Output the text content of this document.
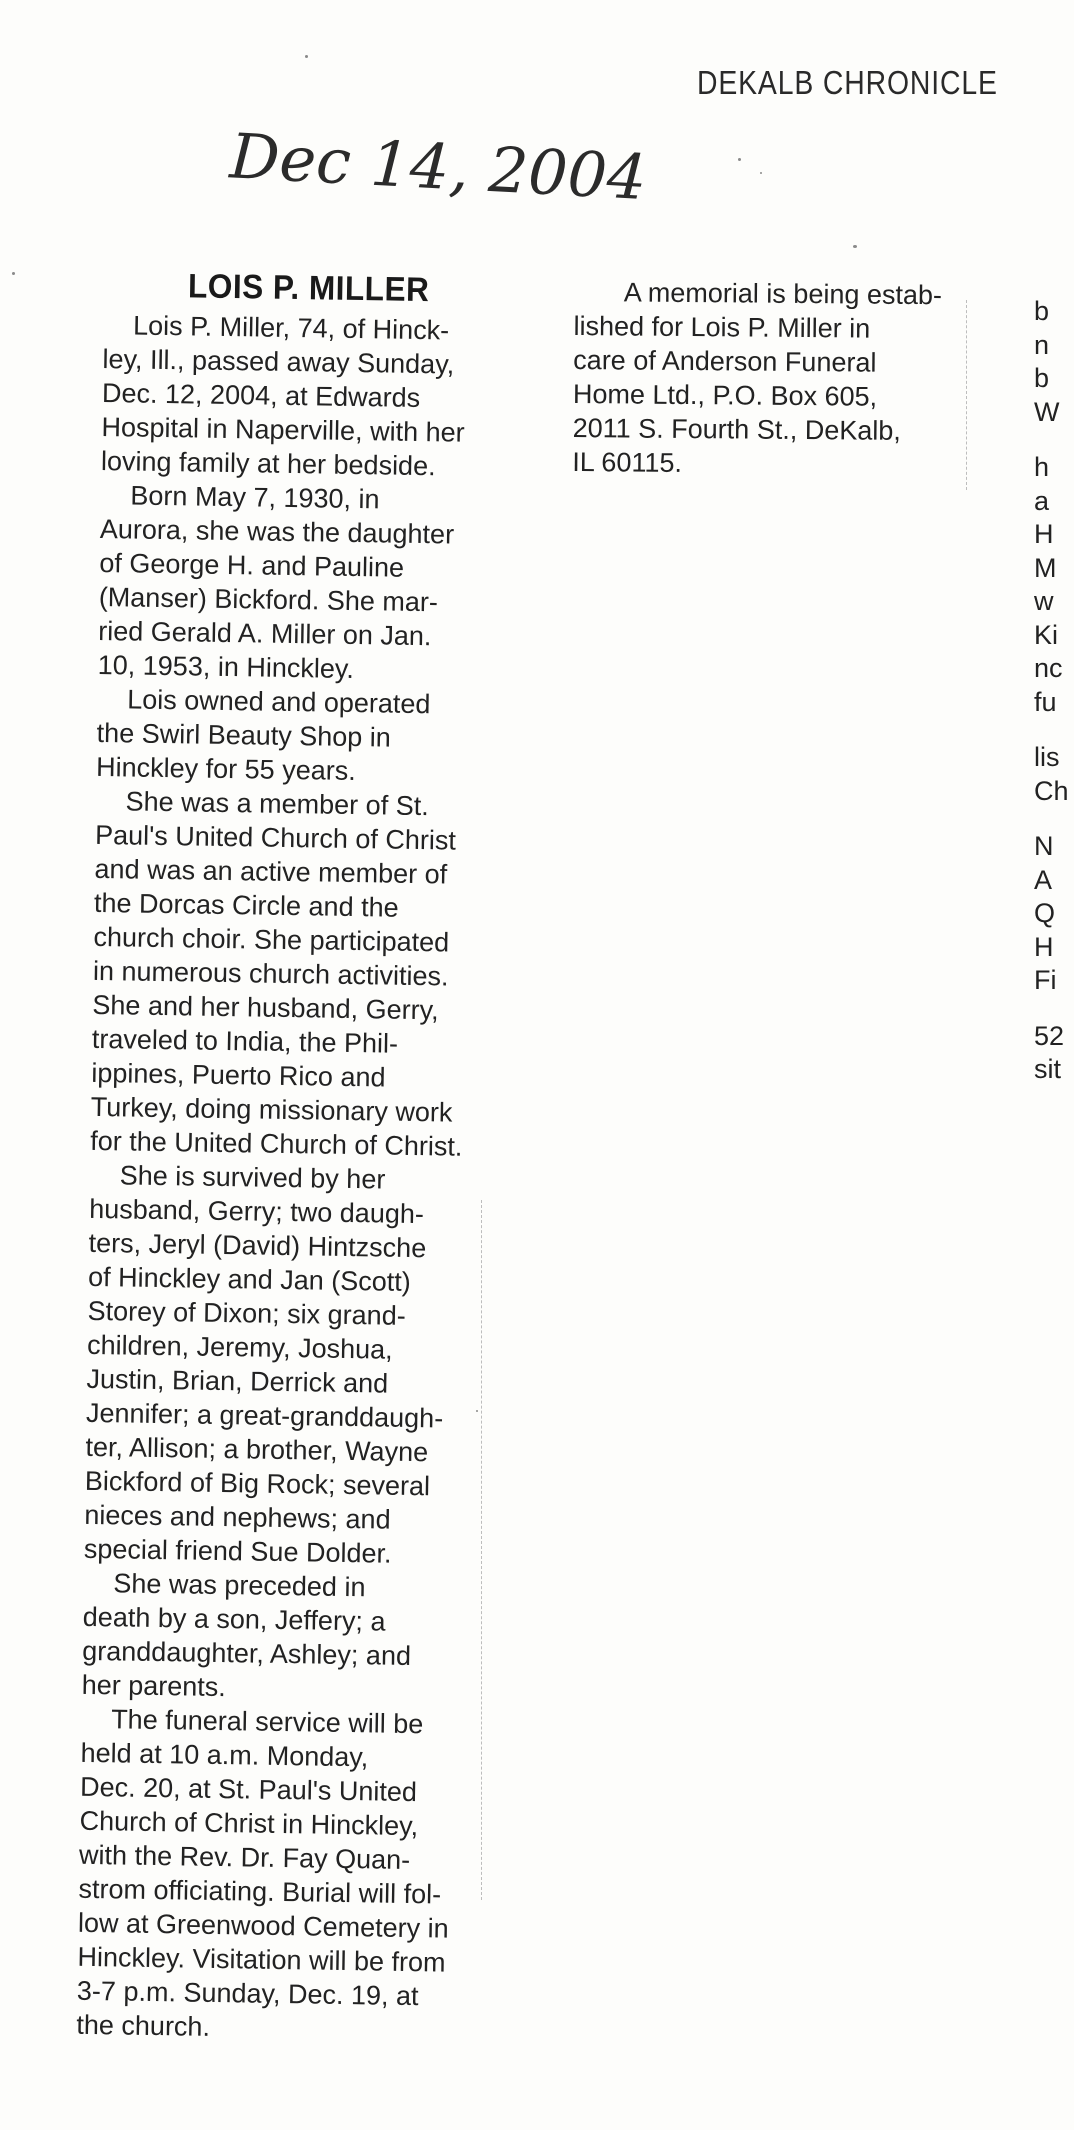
DEKALB CHRONICLE
Dec 14, 2004
LOIS P. MILLER

Lois P. Miller, 74, of Hinck-
ley, Ill., passed away Sunday,
Dec. 12, 2004, at Edwards
Hospital in Naperville, with her
loving family at her bedside.

Born May 7, 1930, in
Aurora, she was the daughter
of George H. and Pauline
(Manser) Bickford. She mar-
ried Gerald A. Miller on Jan.
10, 1953, in Hinckley.

Lois owned and operated
the Swirl Beauty Shop in
Hinckley for 55 years.

She was a member of St.
Paul's United Church of Christ
and was an active member of
the Dorcas Circle and the
church choir. She participated
in numerous church activities.
She and her husband, Gerry,
traveled to India, the Phil-
ippines, Puerto Rico and
Turkey, doing missionary work
for the United Church of Christ.

She is survived by her
husband, Gerry; two daugh-
ters, Jeryl (David) Hintzsche
of Hinckley and Jan (Scott)
Storey of Dixon; six grand-
children, Jeremy, Joshua,
Justin, Brian, Derrick and
Jennifer; a great-granddaugh-
ter, Allison; a brother, Wayne
Bickford of Big Rock; several
nieces and nephews; and
special friend Sue Dolder.

She was preceded in
death by a son, Jeffery; a
granddaughter, Ashley; and
her parents.

The funeral service will be
held at 10 a.m. Monday,
Dec. 20, at St. Paul's United
Church of Christ in Hinckley,
with the Rev. Dr. Fay Quan-
strom officiating. Burial will fol-
low at Greenwood Cemetery in
Hinckley. Visitation will be from
3-7 p.m. Sunday, Dec. 19, at
the church.

A memorial is being estab-
lished for Lois P. Miller in
care of Anderson Funeral
Home Ltd., P.O. Box 605,
2011 S. Fourth St., DeKalb,
IL 60115.

b
n
b
W
h
a
H
M
w
Ki
nc
fu
lis
Ch
N
A
Q
H
Fi
52
sit
